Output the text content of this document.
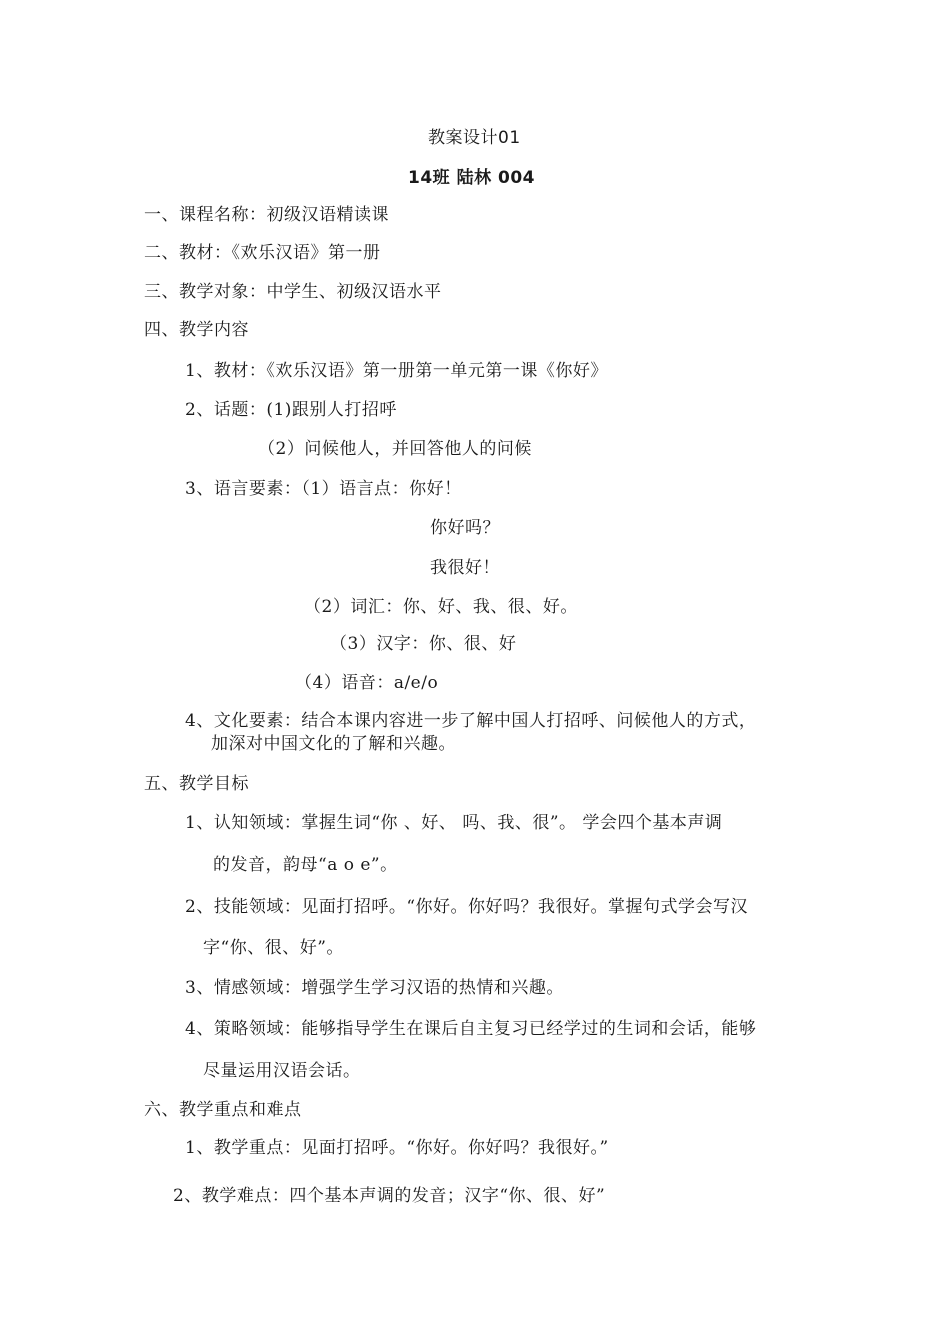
教案设计01
14班 陆林 004
一、课程名称：初级汉语精读课
二、教材：《欢乐汉语》第一册
三、教学对象：中学生、初级汉语水平
四、教学内容
1、教材：《欢乐汉语》第一册第一单元第一课《你好》
2、话题：(1)跟别人打招呼
（2）问候他人，并回答他人的问候
3、语言要素：（1）语言点：你好！
你好吗？
我很好！
（2）词汇：你、好、我、很、好。
（3）汉字：你、很、好
（4）语音：a/e/o
4、文化要素：结合本课内容进一步了解中国人打招呼、问候他人的方式，
加深对中国文化的了解和兴趣。
五、教学目标
1、认知领域：掌握生词“你 、好、 吗、我、很”。 学会四个基本声调
的发音，韵母“a o e”。
2、技能领域：见面打招呼。“你好。你好吗？我很好。掌握句式学会写汉
字“你、很、好”。
3、情感领域：增强学生学习汉语的热情和兴趣。
4、策略领域：能够指导学生在课后自主复习已经学过的生词和会话，能够
尽量运用汉语会话。
六、教学重点和难点
1、教学重点：见面打招呼。“你好。你好吗？我很好。”
2、教学难点：四个基本声调的发音；汉字“你、很、好”
